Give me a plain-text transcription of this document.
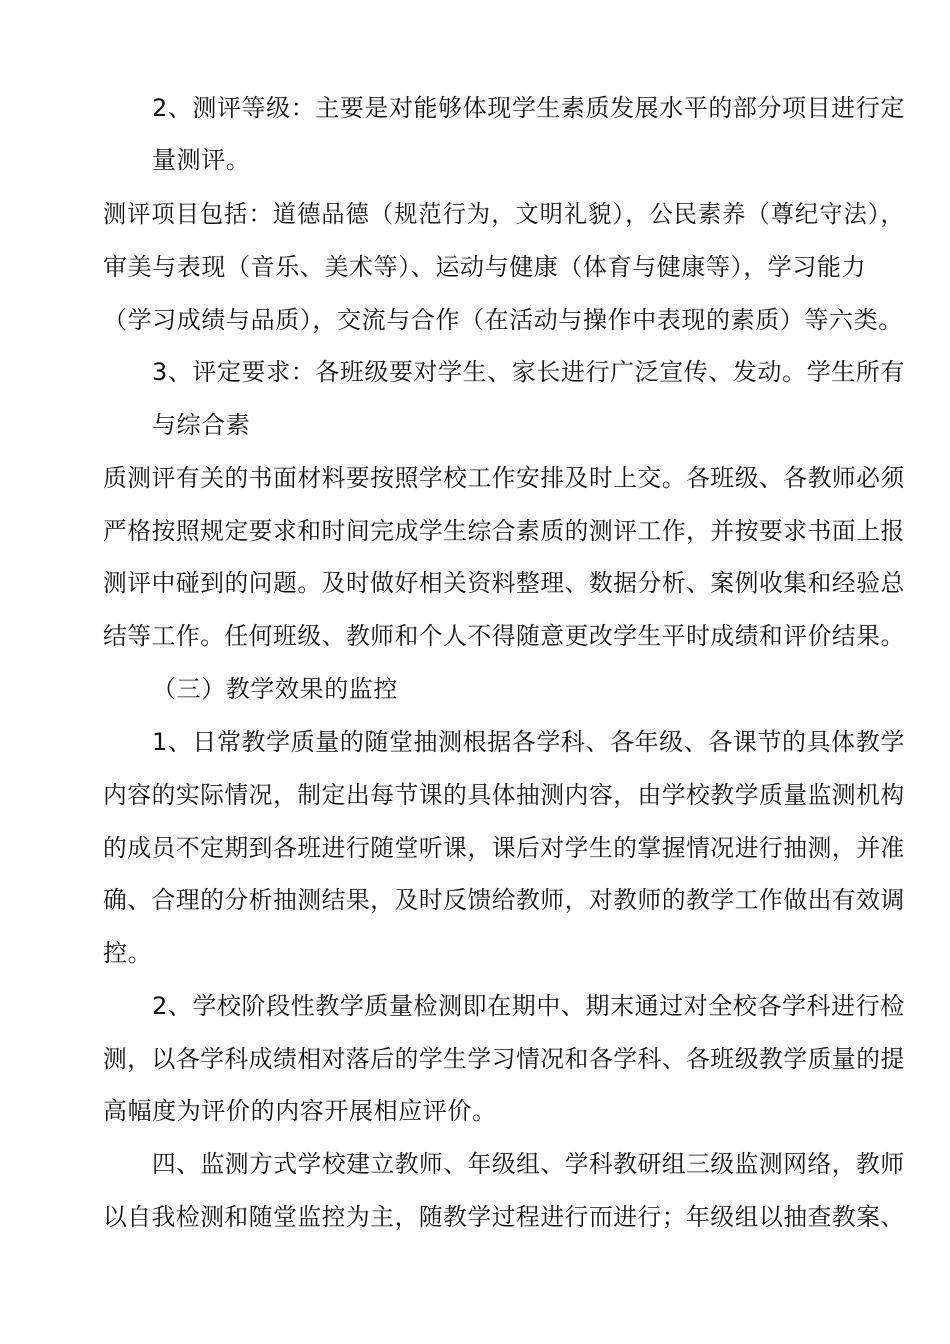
2、测评等级：主要是对能够体现学生素质发展水平的部分项目进行定
量测评。
测评项目包括：道德品德（规范行为，文明礼貌），公民素养（尊纪守法），
审美与表现（音乐、美术等）、运动与健康（体育与健康等），学习能力
（学习成绩与品质），交流与合作（在活动与操作中表现的素质）等六类。
3、评定要求：各班级要对学生、家长进行广泛宣传、发动。学生所有
与综合素
质测评有关的书面材料要按照学校工作安排及时上交。各班级、各教师必须
严格按照规定要求和时间完成学生综合素质的测评工作，并按要求书面上报
测评中碰到的问题。及时做好相关资料整理、数据分析、案例收集和经验总
结等工作。任何班级、教师和个人不得随意更改学生平时成绩和评价结果。
（三）教学效果的监控
1、日常教学质量的随堂抽测根据各学科、各年级、各课节的具体教学
内容的实际情况，制定出每节课的具体抽测内容，由学校教学质量监测机构
的成员不定期到各班进行随堂听课，课后对学生的掌握情况进行抽测，并准
确、合理的分析抽测结果，及时反馈给教师，对教师的教学工作做出有效调
控。
2、学校阶段性教学质量检测即在期中、期末通过对全校各学科进行检
测，以各学科成绩相对落后的学生学习情况和各学科、各班级教学质量的提
高幅度为评价的内容开展相应评价。
四、监测方式学校建立教师、年级组、学科教研组三级监测网络，教师
以自我检测和随堂监控为主，随教学过程进行而进行；年级组以抽查教案、
